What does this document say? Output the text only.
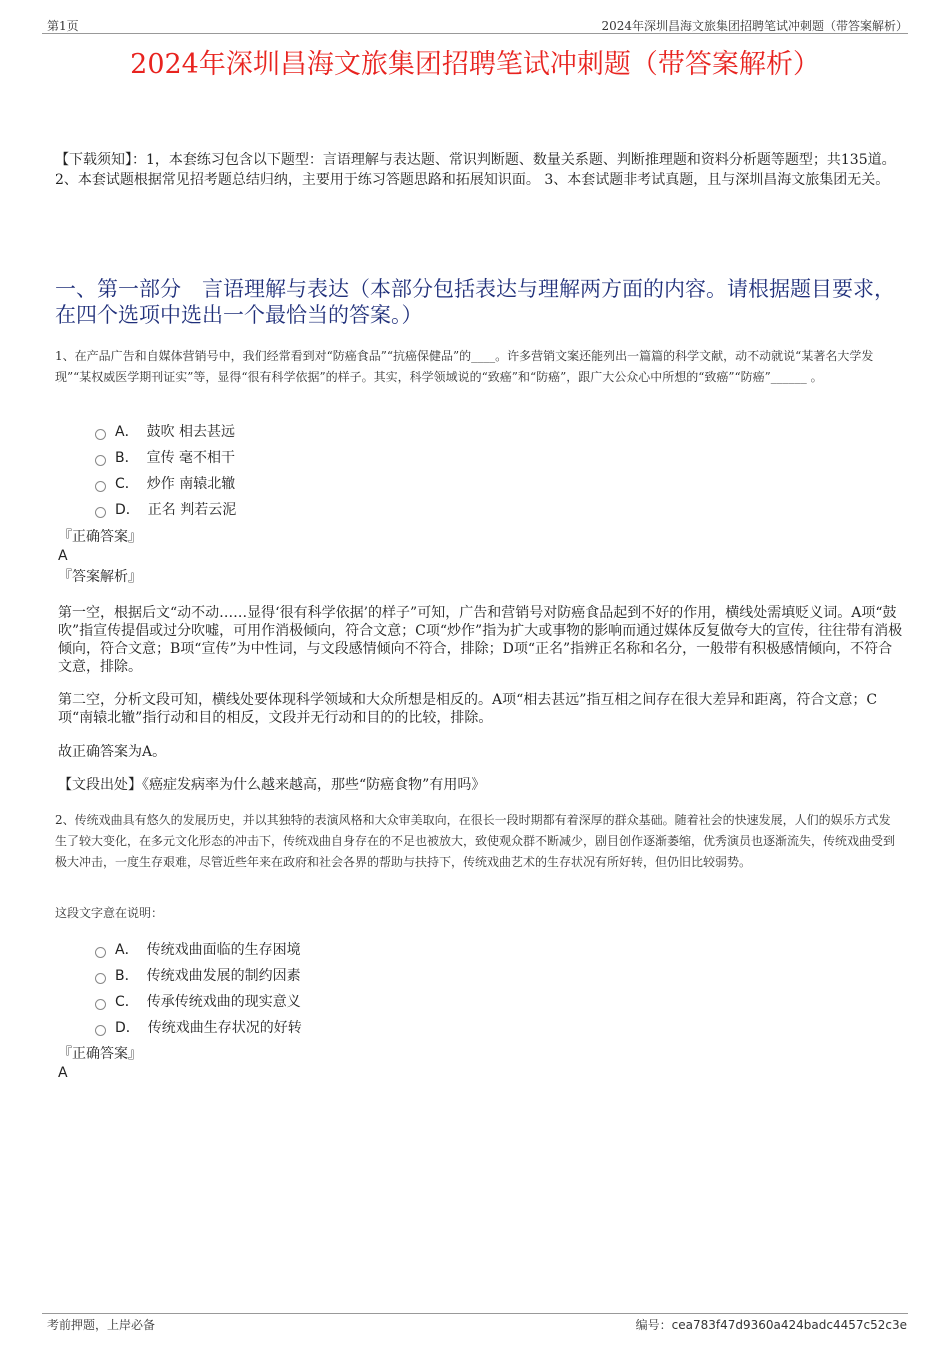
第1页	2024年深圳昌海文旅集团招聘笔试冲刺题（带答案解析）
2024年深圳昌海文旅集团招聘笔试冲刺题（带答案解析）
【下载须知】：1，本套练习包含以下题型：言语理解与表达题、常识判断题、数量关系题、判断推理题和资料分析题等题型；共135道。 2、本套试题根据常见招考题总结归纳，主要用于练习答题思路和拓展知识面。 3、本套试题非考试真题，且与深圳昌海文旅集团无关。
一、第一部分　言语理解与表达（本部分包括表达与理解两方面的内容。请根据题目要求，在四个选项中选出一个最恰当的答案。）
1、在产品广告和自媒体营销号中，我们经常看到对“防癌食品”“抗癌保健品”的____。许多营销文案还能列出一篇篇的科学文献，动不动就说“某著名大学发现”“某权威医学期刊证实”等，显得“很有科学依据”的样子。其实，科学领域说的“致癌”和“防癌”，跟广大公众心中所想的“致癌”“防癌”______ 。
A． 鼓吹 相去甚远
B． 宣传 毫不相干
C． 炒作 南辕北辙
D． 正名 判若云泥
『正确答案』
A
『答案解析』
第一空，根据后文“动不动……显得‘很有科学依据’的样子”可知，广告和营销号对防癌食品起到不好的作用，横线处需填贬义词。A项“鼓吹”指宣传提倡或过分吹嘘，可用作消极倾向，符合文意；C项“炒作”指为扩大或事物的影响而通过媒体反复做夸大的宣传，往往带有消极倾向，符合文意；B项“宣传”为中性词，与文段感情倾向不符合，排除；D项“正名”指辨正名称和名分，一般带有积极感情倾向，不符合文意，排除。
第二空，分析文段可知，横线处要体现科学领域和大众所想是相反的。A项“相去甚远”指互相之间存在很大差异和距离，符合文意；C项“南辕北辙”指行动和目的相反，文段并无行动和目的的比较，排除。
故正确答案为A。
【文段出处】《癌症发病率为什么越来越高，那些“防癌食物”有用吗》
2、传统戏曲具有悠久的发展历史，并以其独特的表演风格和大众审美取向，在很长一段时期都有着深厚的群众基础。随着社会的快速发展，人们的娱乐方式发生了较大变化，在多元文化形态的冲击下，传统戏曲自身存在的不足也被放大，致使观众群不断减少，剧目创作逐渐萎缩，优秀演员也逐渐流失，传统戏曲受到极大冲击，一度生存艰难，尽管近些年来在政府和社会各界的帮助与扶持下，传统戏曲艺术的生存状况有所好转，但仍旧比较弱势。
这段文字意在说明：
A． 传统戏曲面临的生存困境
B． 传统戏曲发展的制约因素
C． 传承传统戏曲的现实意义
D． 传统戏曲生存状况的好转
『正确答案』
A
考前押题，上岸必备	编号：cea783f47d9360a424badc4457c52c3e
